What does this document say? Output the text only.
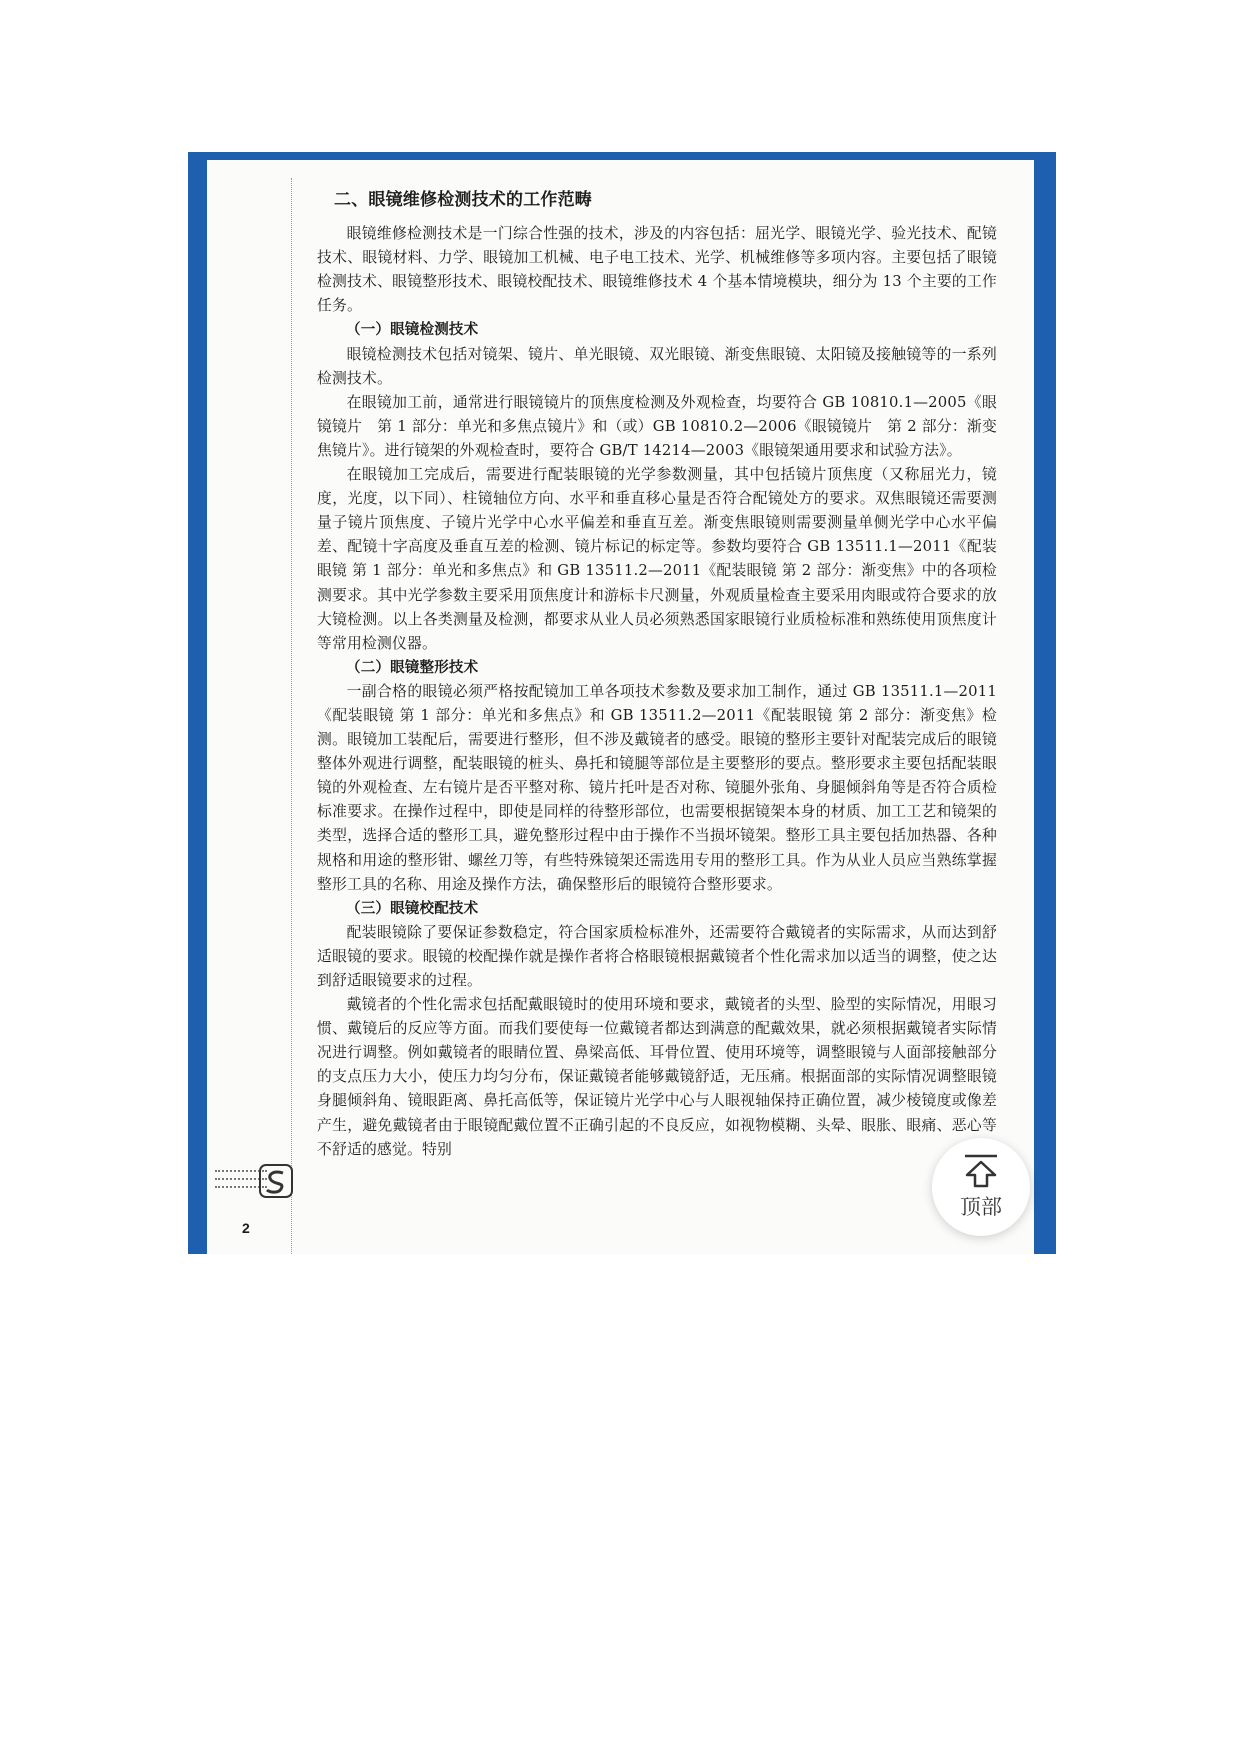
2
二、眼镜维修检测技术的工作范畴

眼镜维修检测技术是一门综合性强的技术，涉及的内容包括：屈光学、眼镜光学、验光技术、配镜技术、眼镜材料、力学、眼镜加工机械、电子电工技术、光学、机械维修等多项内容。主要包括了眼镜检测技术、眼镜整形技术、眼镜校配技术、眼镜维修技术 4 个基本情境模块，细分为 13 个主要的工作任务。

（一）眼镜检测技术

眼镜检测技术包括对镜架、镜片、单光眼镜、双光眼镜、渐变焦眼镜、太阳镜及接触镜等的一系列检测技术。

在眼镜加工前，通常进行眼镜镜片的顶焦度检测及外观检查，均要符合 GB 10810.1—2005《眼镜镜片　第 1 部分：单光和多焦点镜片》和（或）GB 10810.2—2006《眼镜镜片　第 2 部分：渐变焦镜片》。进行镜架的外观检查时，要符合 GB/T 14214—2003《眼镜架通用要求和试验方法》。

在眼镜加工完成后，需要进行配装眼镜的光学参数测量，其中包括镜片顶焦度（又称屈光力，镜度，光度，以下同）、柱镜轴位方向、水平和垂直移心量是否符合配镜处方的要求。双焦眼镜还需要测量子镜片顶焦度、子镜片光学中心水平偏差和垂直互差。渐变焦眼镜则需要测量单侧光学中心水平偏差、配镜十字高度及垂直互差的检测、镜片标记的标定等。参数均要符合 GB 13511.1—2011《配装眼镜 第 1 部分：单光和多焦点》和 GB 13511.2—2011《配装眼镜 第 2 部分：渐变焦》中的各项检测要求。其中光学参数主要采用顶焦度计和游标卡尺测量，外观质量检查主要采用肉眼或符合要求的放大镜检测。以上各类测量及检测，都要求从业人员必须熟悉国家眼镜行业质检标准和熟练使用顶焦度计等常用检测仪器。

（二）眼镜整形技术

一副合格的眼镜必须严格按配镜加工单各项技术参数及要求加工制作，通过 GB 13511.1—2011《配装眼镜 第 1 部分：单光和多焦点》和 GB 13511.2—2011《配装眼镜 第 2 部分：渐变焦》检测。眼镜加工装配后，需要进行整形，但不涉及戴镜者的感受。眼镜的整形主要针对配装完成后的眼镜整体外观进行调整，配装眼镜的桩头、鼻托和镜腿等部位是主要整形的要点。整形要求主要包括配装眼镜的外观检查、左右镜片是否平整对称、镜片托叶是否对称、镜腿外张角、身腿倾斜角等是否符合质检标准要求。在操作过程中，即使是同样的待整形部位，也需要根据镜架本身的材质、加工工艺和镜架的类型，选择合适的整形工具，避免整形过程中由于操作不当损坏镜架。整形工具主要包括加热器、各种规格和用途的整形钳、螺丝刀等，有些特殊镜架还需选用专用的整形工具。作为从业人员应当熟练掌握整形工具的名称、用途及操作方法，确保整形后的眼镜符合整形要求。

（三）眼镜校配技术

配装眼镜除了要保证参数稳定，符合国家质检标准外，还需要符合戴镜者的实际需求，从而达到舒适眼镜的要求。眼镜的校配操作就是操作者将合格眼镜根据戴镜者个性化需求加以适当的调整，使之达到舒适眼镜要求的过程。

戴镜者的个性化需求包括配戴眼镜时的使用环境和要求，戴镜者的头型、脸型的实际情况，用眼习惯、戴镜后的反应等方面。而我们要使每一位戴镜者都达到满意的配戴效果，就必须根据戴镜者实际情况进行调整。例如戴镜者的眼睛位置、鼻梁高低、耳骨位置、使用环境等，调整眼镜与人面部接触部分的支点压力大小，使压力均匀分布，保证戴镜者能够戴镜舒适，无压痛。根据面部的实际情况调整眼镜身腿倾斜角、镜眼距离、鼻托高低等，保证镜片光学中心与人眼视轴保持正确位置，减少棱镜度或像差产生，避免戴镜者由于眼镜配戴位置不正确引起的不良反应，如视物模糊、头晕、眼胀、眼痛、恶心等不舒适的感觉。特别

顶部
